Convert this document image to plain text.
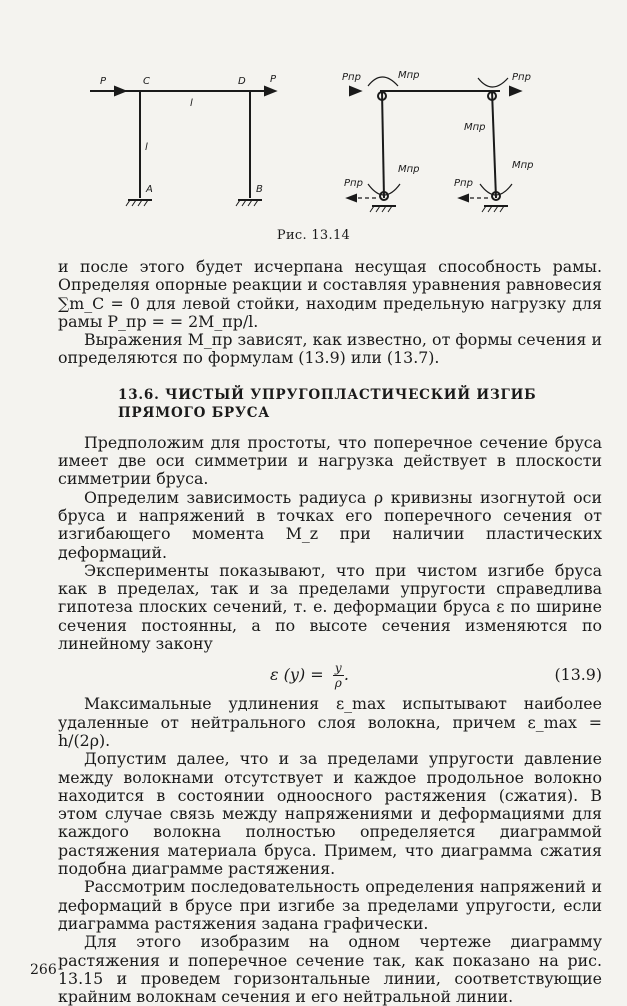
P	C	D P
l
l
A	B
Pпр	Mпр	Pпр
Mпр
Mпр
Pпр	Pпр
Mпр
Рис. 13.14

и после этого будет исчерпана несущая способность рамы. Определяя опорные реакции и составляя уравнения равновесия ∑m_C = 0 для левой стойки, находим предельную нагрузку для рамы P_пр = = 2M_пр/l.

Выражения M_пр зависят, как известно, от формы сечения и определяются по формулам (13.9) или (13.7).

13.6. ЧИСТЫЙ УПРУГОПЛАСТИЧЕСКИЙ ИЗГИБ
ПРЯМОГО БРУСА

Предположим для простоты, что поперечное сечение бруса имеет две оси симметрии и нагрузка действует в плоскости симметрии бруса.

Определим зависимость радиуса ρ кривизны изогнутой оси бруса и напряжений в точках его поперечного сечения от изгибающего момента M_z при наличии пластических деформаций.

Эксперименты показывают, что при чистом изгибе бруса как в пределах, так и за пределами упругости справедлива гипотеза плоских сечений, т. е. деформации бруса ε по ширине сечения постоянны, а по высоте сечения изменяются по линейному закону

ε $(y) = \frac{y}{\rho}$ .	(13.9)

Максимальные удлинения ε_max испытывают наиболее удаленные от нейтрального слоя волокна, причем ε_max = h/(2ρ).

Допустим далее, что и за пределами упругости давление между волокнами отсутствует и каждое продольное волокно находится в состоянии одноосного растяжения (сжатия). В этом случае связь между напряжениями и деформациями для каждого волокна полностью определяется диаграммой растяжения материала бруса. Примем, что диаграмма сжатия подобна диаграмме растяжения.

Рассмотрим последовательность определения напряжений и деформаций в брусе при изгибе за пределами упругости, если диаграмма растяжения задана графически.

Для этого изобразим на одном чертеже диаграмму растяжения и поперечное сечение так, как показано на рис. 13.15 и проведем горизонтальные линии, соответствующие крайним волокнам сечения и его нейтральной линии.

266
